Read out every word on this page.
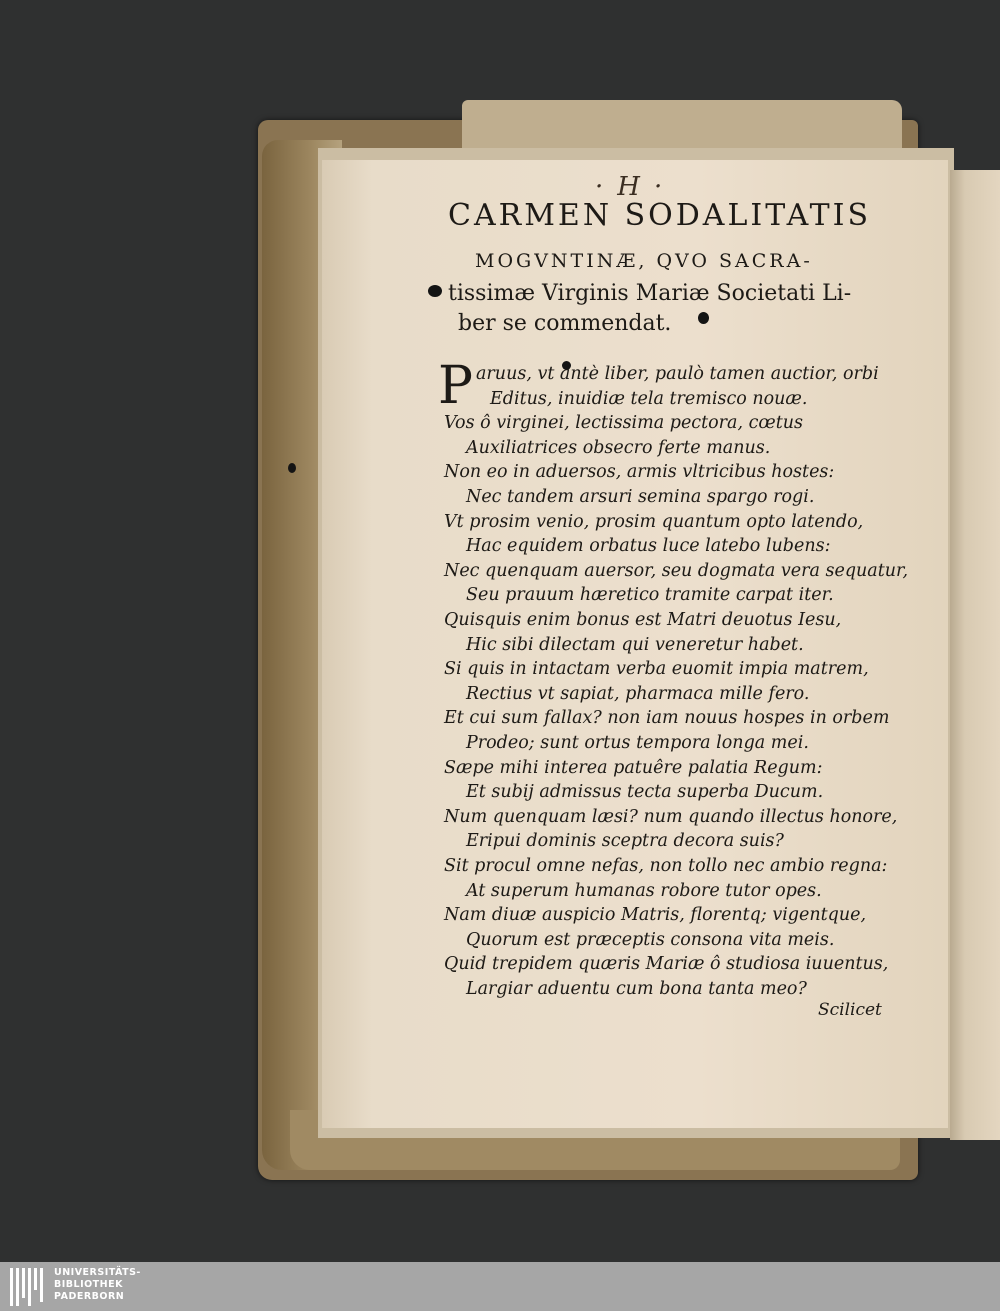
·H·
CARMEN SODALITATIS
MOGVNTINÆ, QVO SACRA-
tissimæ Virginis Mariæ Societati Li-
ber se commendat.
P aruus, vt antè liber, paulò tamen auctior, orbi
Editus, inuidiæ tela tremisco nouæ.
Vos ô virginei, lectissima pectora, cœtus
Auxiliatrices obsecro ferte manus.
Non eo in aduersos, armis vltricibus hostes:
Nec tandem arsuri semina spargo rogi.
Vt prosim venio, prosim quantum opto latendo,
Hac equidem orbatus luce latebo lubens:
Nec quenquam auersor, seu dogmata vera sequatur,
Seu prauum hæretico tramite carpat iter.
Quisquis enim bonus est Matri deuotus Iesu,
Hic sibi dilectam qui veneretur habet.
Si quis in intactam verba euomit impia matrem,
Rectius vt sapiat, pharmaca mille fero.
Et cui sum fallax? non iam nouus hospes in orbem
Prodeo; sunt ortus tempora longa mei.
Sæpe mihi interea patuêre palatia Regum:
Et subij admissus tecta superba Ducum.
Num quenquam læsi? num quando illectus honore,
Eripui dominis sceptra decora suis?
Sit procul omne nefas, non tollo nec ambio regna:
At superum humanas robore tutor opes.
Nam diuæ auspicio Matris, florentq; vigentque,
Quorum est præceptis consona vita meis.
Quid trepidem quæris Mariæ ô studiosa iuuentus,
Largiar aduentu cum bona tanta meo?
Scilicet
UNIVERSITÄTS-
BIBLIOTHEK
PADERBORN
